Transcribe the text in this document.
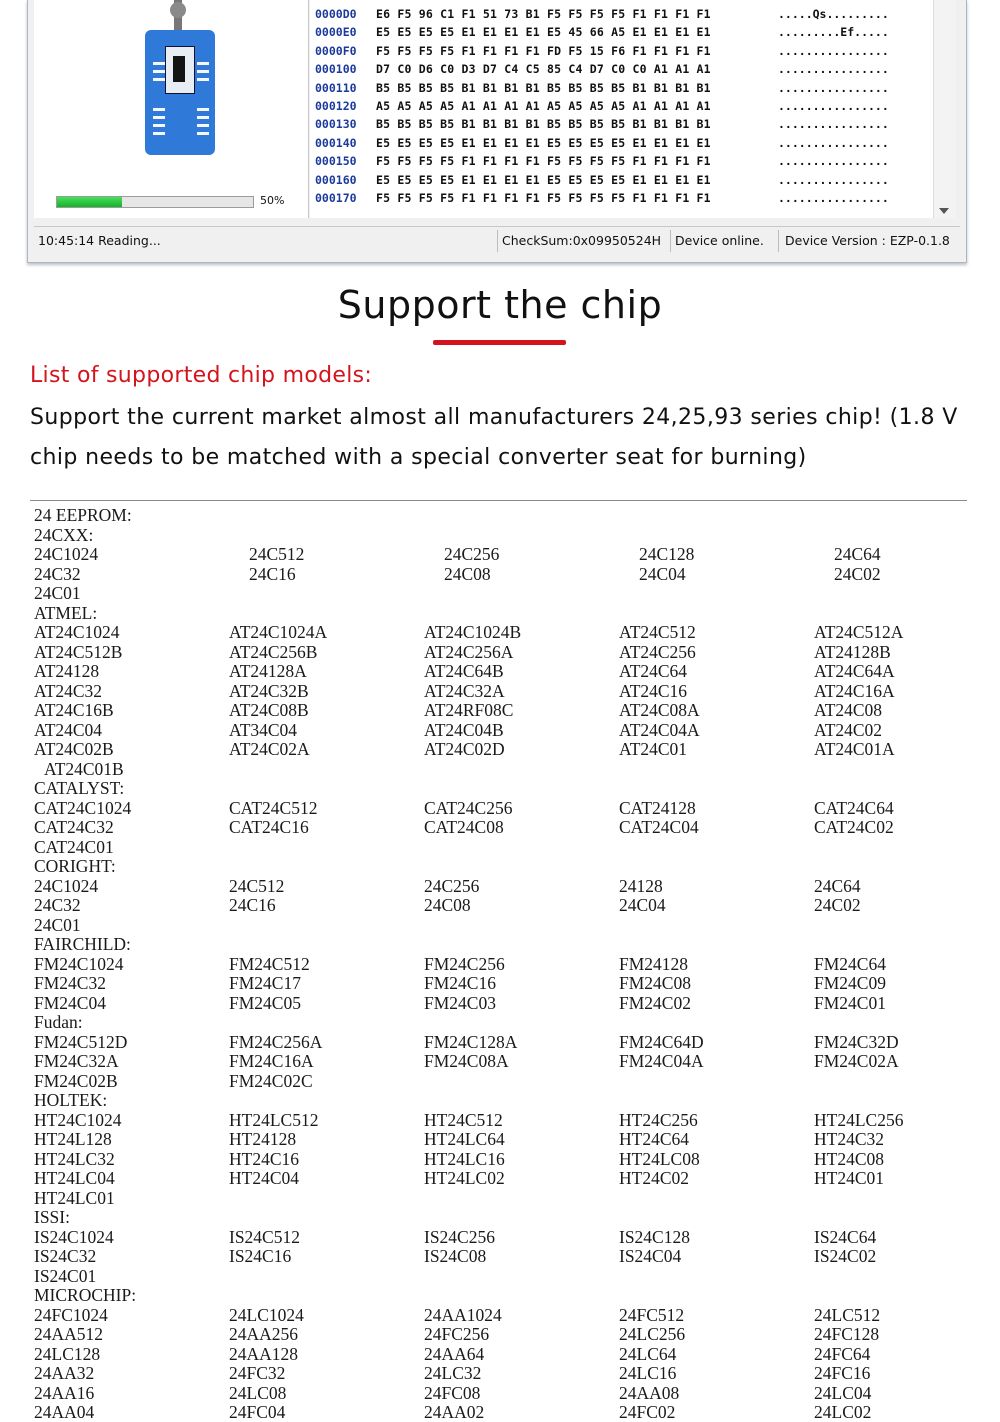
50%
0000D0 E6 F5 96 C1 F1 51 73 B1 F5 F5 F5 F5 F1 F1 F1 F1	.....Qs.........
0000E0 E5 E5 E5 E5 E1 E1 E1 E1 E5 45 66 A5 E1 E1 E1 E1	.........Ef.....
0000F0 F5 F5 F5 F5 F1 F1 F1 F1 FD F5 15 F6 F1 F1 F1 F1	................
000100 D7 C0 D6 C0 D3 D7 C4 C5 85 C4 D7 C0 C0 A1 A1 A1	................
000110 B5 B5 B5 B5 B1 B1 B1 B1 B5 B5 B5 B5 B1 B1 B1 B1	................
000120 A5 A5 A5 A5 A1 A1 A1 A1 A5 A5 A5 A5 A1 A1 A1 A1	................
000130 B5 B5 B5 B5 B1 B1 B1 B1 B5 B5 B5 B5 B1 B1 B1 B1	................
000140 E5 E5 E5 E5 E1 E1 E1 E1 E5 E5 E5 E5 E1 E1 E1 E1	................
000150 F5 F5 F5 F5 F1 F1 F1 F1 F5 F5 F5 F5 F1 F1 F1 F1	................
000160 E5 E5 E5 E5 E1 E1 E1 E1 E5 E5 E5 E5 E1 E1 E1 E1	................
000170 F5 F5 F5 F5 F1 F1 F1 F1 F5 F5 F5 F5 F1 F1 F1 F1	................
10:45:14 Reading...	CheckSum:0x09950524H Device online. Device Version : EZP-0.1.8
Support the chip
List of supported chip models:
Support the current market almost all manufacturers 24,25,93 series chip! (1.8 V chip needs to be matched with a special converter seat for burning)
24 EEPROM:
24CXX:
24C1024	24C512	24C256	24C128	24C64
24C32	24C16	24C08	24C04	24C02
24C01
ATMEL:
AT24C1024	AT24C1024A	AT24C1024B	AT24C512	AT24C512A
AT24C512B	AT24C256B	AT24C256A	AT24C256	AT24128B
AT24128	AT24128A	AT24C64B	AT24C64	AT24C64A
AT24C32	AT24C32B	AT24C32A	AT24C16	AT24C16A
AT24C16B	AT24C08B	AT24RF08C	AT24C08A	AT24C08
AT24C04	AT34C04	AT24C04B	AT24C04A	AT24C02
AT24C02B	AT24C02A	AT24C02D	AT24C01	AT24C01A
AT24C01B
CATALYST:
CAT24C1024	CAT24C512	CAT24C256	CAT24128	CAT24C64
CAT24C32	CAT24C16	CAT24C08	CAT24C04	CAT24C02
CAT24C01
CORIGHT:
24C1024	24C512	24C256	24128	24C64
24C32	24C16	24C08	24C04	24C02
24C01
FAIRCHILD:
FM24C1024	FM24C512	FM24C256	FM24128	FM24C64
FM24C32	FM24C17	FM24C16	FM24C08	FM24C09
FM24C04	FM24C05	FM24C03	FM24C02	FM24C01
Fudan:
FM24C512D	FM24C256A	FM24C128A	FM24C64D	FM24C32D
FM24C32A	FM24C16A	FM24C08A	FM24C04A	FM24C02A
FM24C02B	FM24C02C
HOLTEK:
HT24C1024	HT24LC512	HT24C512	HT24C256	HT24LC256
HT24L128	HT24128	HT24LC64	HT24C64	HT24C32
HT24LC32	HT24C16	HT24LC16	HT24LC08	HT24C08
HT24LC04	HT24C04	HT24LC02	HT24C02	HT24C01
HT24LC01
ISSI:
IS24C1024	IS24C512	IS24C256	IS24C128	IS24C64
IS24C32	IS24C16	IS24C08	IS24C04	IS24C02
IS24C01
MICROCHIP:
24FC1024	24LC1024	24AA1024	24FC512	24LC512
24AA512	24AA256	24FC256	24LC256	24FC128
24LC128	24AA128	24AA64	24LC64	24FC64
24AA32	24FC32	24LC32	24LC16	24FC16
24AA16	24LC08	24FC08	24AA08	24LC04
24AA04	24FC04	24AA02	24FC02	24LC02
